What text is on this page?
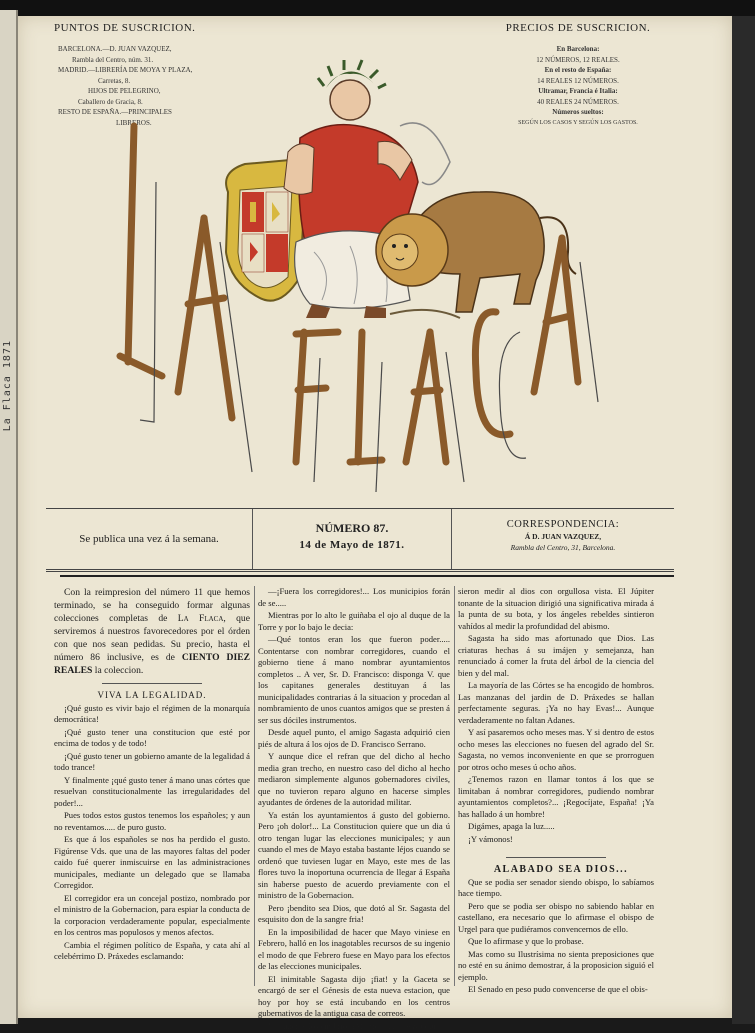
La Flaca 1871
PUNTOS DE SUSCRICION.
BARCELONA.—D. JUAN VAZQUEZ,
Rambla del Centro, núm. 31.
MADRID.—LIBRERÍA DE MOYA Y PLAZA,
Carretas, 8.
HIJOS DE PELEGRINO,
Caballero de Gracia, 8.
RESTO DE ESPAÑA.—PRINCIPALES
LIBREROS.
PRECIOS DE SUSCRICION.
En Barcelona:
12 NÚMEROS, 12 REALES.
En el resto de España:
14 REALES 12 NÚMEROS.
Ultramar, Francia é Italia:
40 REALES 24 NÚMEROS.
Números sueltos:
SEGÚN LOS CASOS Y SEGÚN LOS GASTOS.
Se publica una vez á la semana.
NÚMERO 87.
14 de Mayo de 1871.
CORRESPONDENCIA:
Á D. JUAN VAZQUEZ,
Rambla del Centro, 31, Barcelona.

Con la reimpresion del número 11 que hemos terminado, se ha conseguido formar algunas colecciones completas de La Flaca, que serviremos á nuestros favorecedores por el órden con que nos sean pedidas. Su precio, hasta el número 86 inclusive, es de CIENTO DIEZ REALES la coleccion.

VIVA LA LEGALIDAD.

¡Qué gusto es vivir bajo el régimen de la monarquía democrática!

¡Qué gusto tener una constitucion que esté por encima de todos y de todo!

¡Qué gusto tener un gobierno amante de la legalidad á todo trance!

Y finalmente ¡qué gusto tener á mano unas córtes que resuelvan constitucionalmente las irregularidades del poder!...

Pues todos estos gustos tenemos los españoles; y aun no reventamos..... de puro gusto.

Es que á los españoles se nos ha perdido el gusto. Figúrense Vds. que una de las mayores faltas del poder caido fué querer inmiscuirse en las administraciones municipales, mediante un delegado que se llamaba Corregidor.

El corregidor era un concejal postizo, nombrado por el ministro de la Gobernacion, para espiar la conducta de la corporacion verdaderamente popular, especialmente en los centros mas populosos y menos afectos.

Cambia el régimen político de España, y cata ahí al celebérrimo D. Práxedes esclamando:

—¡Fuera los corregidores!... Los municipios forán de se.....

Mientras por lo alto le guiñaba el ojo al duque de la Torre y por lo bajo le decia:

—Qué tontos eran los que fueron poder..... Contentarse con nombrar corregidores, cuando el gobierno tiene á mano nombrar ayuntamientos completos .. A ver, Sr. D. Francisco: disponga V. que los capitanes generales destituyan á las municipalidades contrarias á la situacion y procedan al nombramiento de unos cuantos amigos que se presten á ser sus dóciles instrumentos.

Desde aquel punto, el amigo Sagasta adquirió cien piés de altura á los ojos de D. Francisco Serrano.

Y aunque dice el refran que del dicho al hecho media gran trecho, en nuestro caso del dicho al hecho mediaron simplemente algunos gobernadores civiles, que no tuvieron reparo alguno en hacerse simples ayudantes de órdenes de la autoridad militar.

Ya están los ayuntamientos á gusto del gobierno. Pero ¡oh dolor!... La Constitucion quiere que un dia ú otro tengan lugar las elecciones municipales; y aun cuando el mes de Mayo estaba bastante léjos cuando se ordenó que tuviesen lugar en Mayo, este mes de las flores tuvo la inoportuna ocurrencia de llegar á España sin haberse puesto de acuerdo previamente con el ministro de la Gobernacion.

Pero ¡bendito sea Dios, que dotó al Sr. Sagasta del esquisito don de la sangre fria!

En la imposibilidad de hacer que Mayo viniese en Febrero, halló en los inagotables recursos de su ingenio el modo de que Febrero fuese en Mayo para los efectos de las elecciones municipales.

El inimitable Sagasta dijo ¡fiat! y la Gaceta se encargó de ser el Génesis de esta nueva estacion, que hoy por hoy se está incubando en los centros gubernativos de la antigua casa de correos.

Vanamente los cimbrios (Martos á la cabeza) qui-

sieron medir al dios con orgullosa vista. El Júpiter tonante de la situacion dirigió una significativa mirada á la punta de su bota, y los ángeles rebeldes sintieron vahídos al medir la profundidad del abismo.

Sagasta ha sido mas afortunado que Dios. Las criaturas hechas á su imájen y semejanza, han renunciado á comer la fruta del árbol de la ciencia del bien y del mal.

La mayoría de las Córtes se ha encogido de hombros. Las manzanas del jardin de D. Práxedes se hallan perfectamente seguras. ¡Ya no hay Evas!... Aunque verdaderamente no faltan Adanes.

Y así pasaremos ocho meses mas. Y si dentro de estos ocho meses las elecciones no fuesen del agrado del Sr. Sagasta, no vemos inconveniente en que se prorroguen por otros ocho meses ú ocho años.

¿Tenemos razon en llamar tontos á los que se limitaban á nombrar corregidores, pudiendo nombrar ayuntamientos completos?... ¡Regocíjate, España! ¡Ya has hallado á un hombre!

Digámes, apaga la luz.....

¡Y vámonos!

ALABADO SEA DIOS...

Que se podia ser senador siendo obispo, lo sabíamos hace tiempo.

Pero que se podia ser obispo no sabiendo hablar en castellano, era necesario que lo afirmase el obispo de Urgel para que pudiéramos convencernos de ello.

Que lo afirmase y que lo probase.

Mas como su Ilustrísima no sienta preposiciones que no esté en su ánimo demostrar, á la proposicion siguió el ejemplo.

El Senado en peso pudo convencerse de que el obis-
